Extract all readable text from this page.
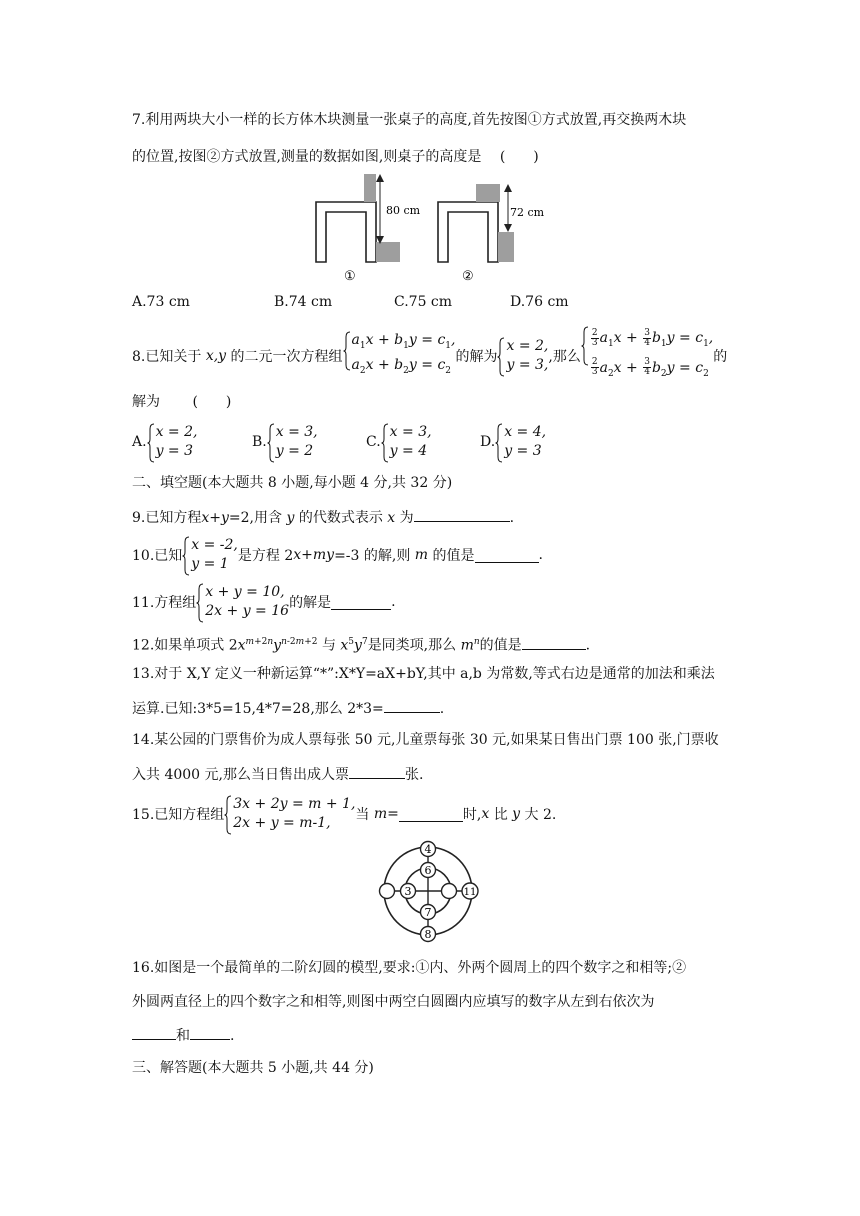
7.利用两块大小一样的长方体木块测量一张桌子的高度,首先按图①方式放置,再交换两木块
的位置,按图②方式放置,测量的数据如图,则桌子的高度是 (　　)
80 cm
①
72 cm
②
A.73 cm	B.74 cm	C.75 cm	D.76 cm
8.已知关于 x,y 的二元一次方程组
$a_1x + b_1y = c_1$,
$a_2x + b_2y = c_2$
的解为
x = 2,
y = 3, ,那么
$\frac{2}{3} a_1x + \frac{3}{4} b_1y = c_1$,
$\frac{2}{3} a_2x + \frac{3}{4} b_2y = c_2$
的
解为 (　　)
A.
x = 2,
y = 3
B.
x = 3,
y = 2
C.
x = 3,
y = 4
D.
x = 4,
y = 3
二、填空题(本大题共 8 小题,每小题 4 分,共 32 分)
9.已知方程x+y=2,用含 y 的代数式表示 x 为	.
10.已知
x = -2,
y = 1 是方程 2x+my=-3 的解,则 m 的值是	.
11.方程组
x + y = 10,
2x + y = 16 的解是	.
12.如果单项式 $2x^{m+2n}y^{n-2m+2}$ 与 $x^5y^7$是同类项,那么 $m^n$的值是	.
13.对于 X,Y 定义一种新运算“*”:X*Y=aX+bY,其中 a,b 为常数,等式右边是通常的加法和乘法
运算.已知:3*5=15,4*7=28,那么 2*3=	.
14.某公园的门票售价为成人票每张 50 元,儿童票每张 30 元,如果某日售出门票 100 张,门票收
入共 4000 元,那么当日售出成人票	张.
15.已知方程组
3x + 2y = m + 1,
2x + y = m-1,	当 m=	时,x 比 y 大 2.
4
6
3	11
7
8
16.如图是一个最简单的二阶幻圆的模型,要求:①内、外两个圆周上的四个数字之和相等;②
外圆两直径上的四个数字之和相等,则图中两空白圆圈内应填写的数字从左到右依次为
和	.
三、解答题(本大题共 5 小题,共 44 分)
